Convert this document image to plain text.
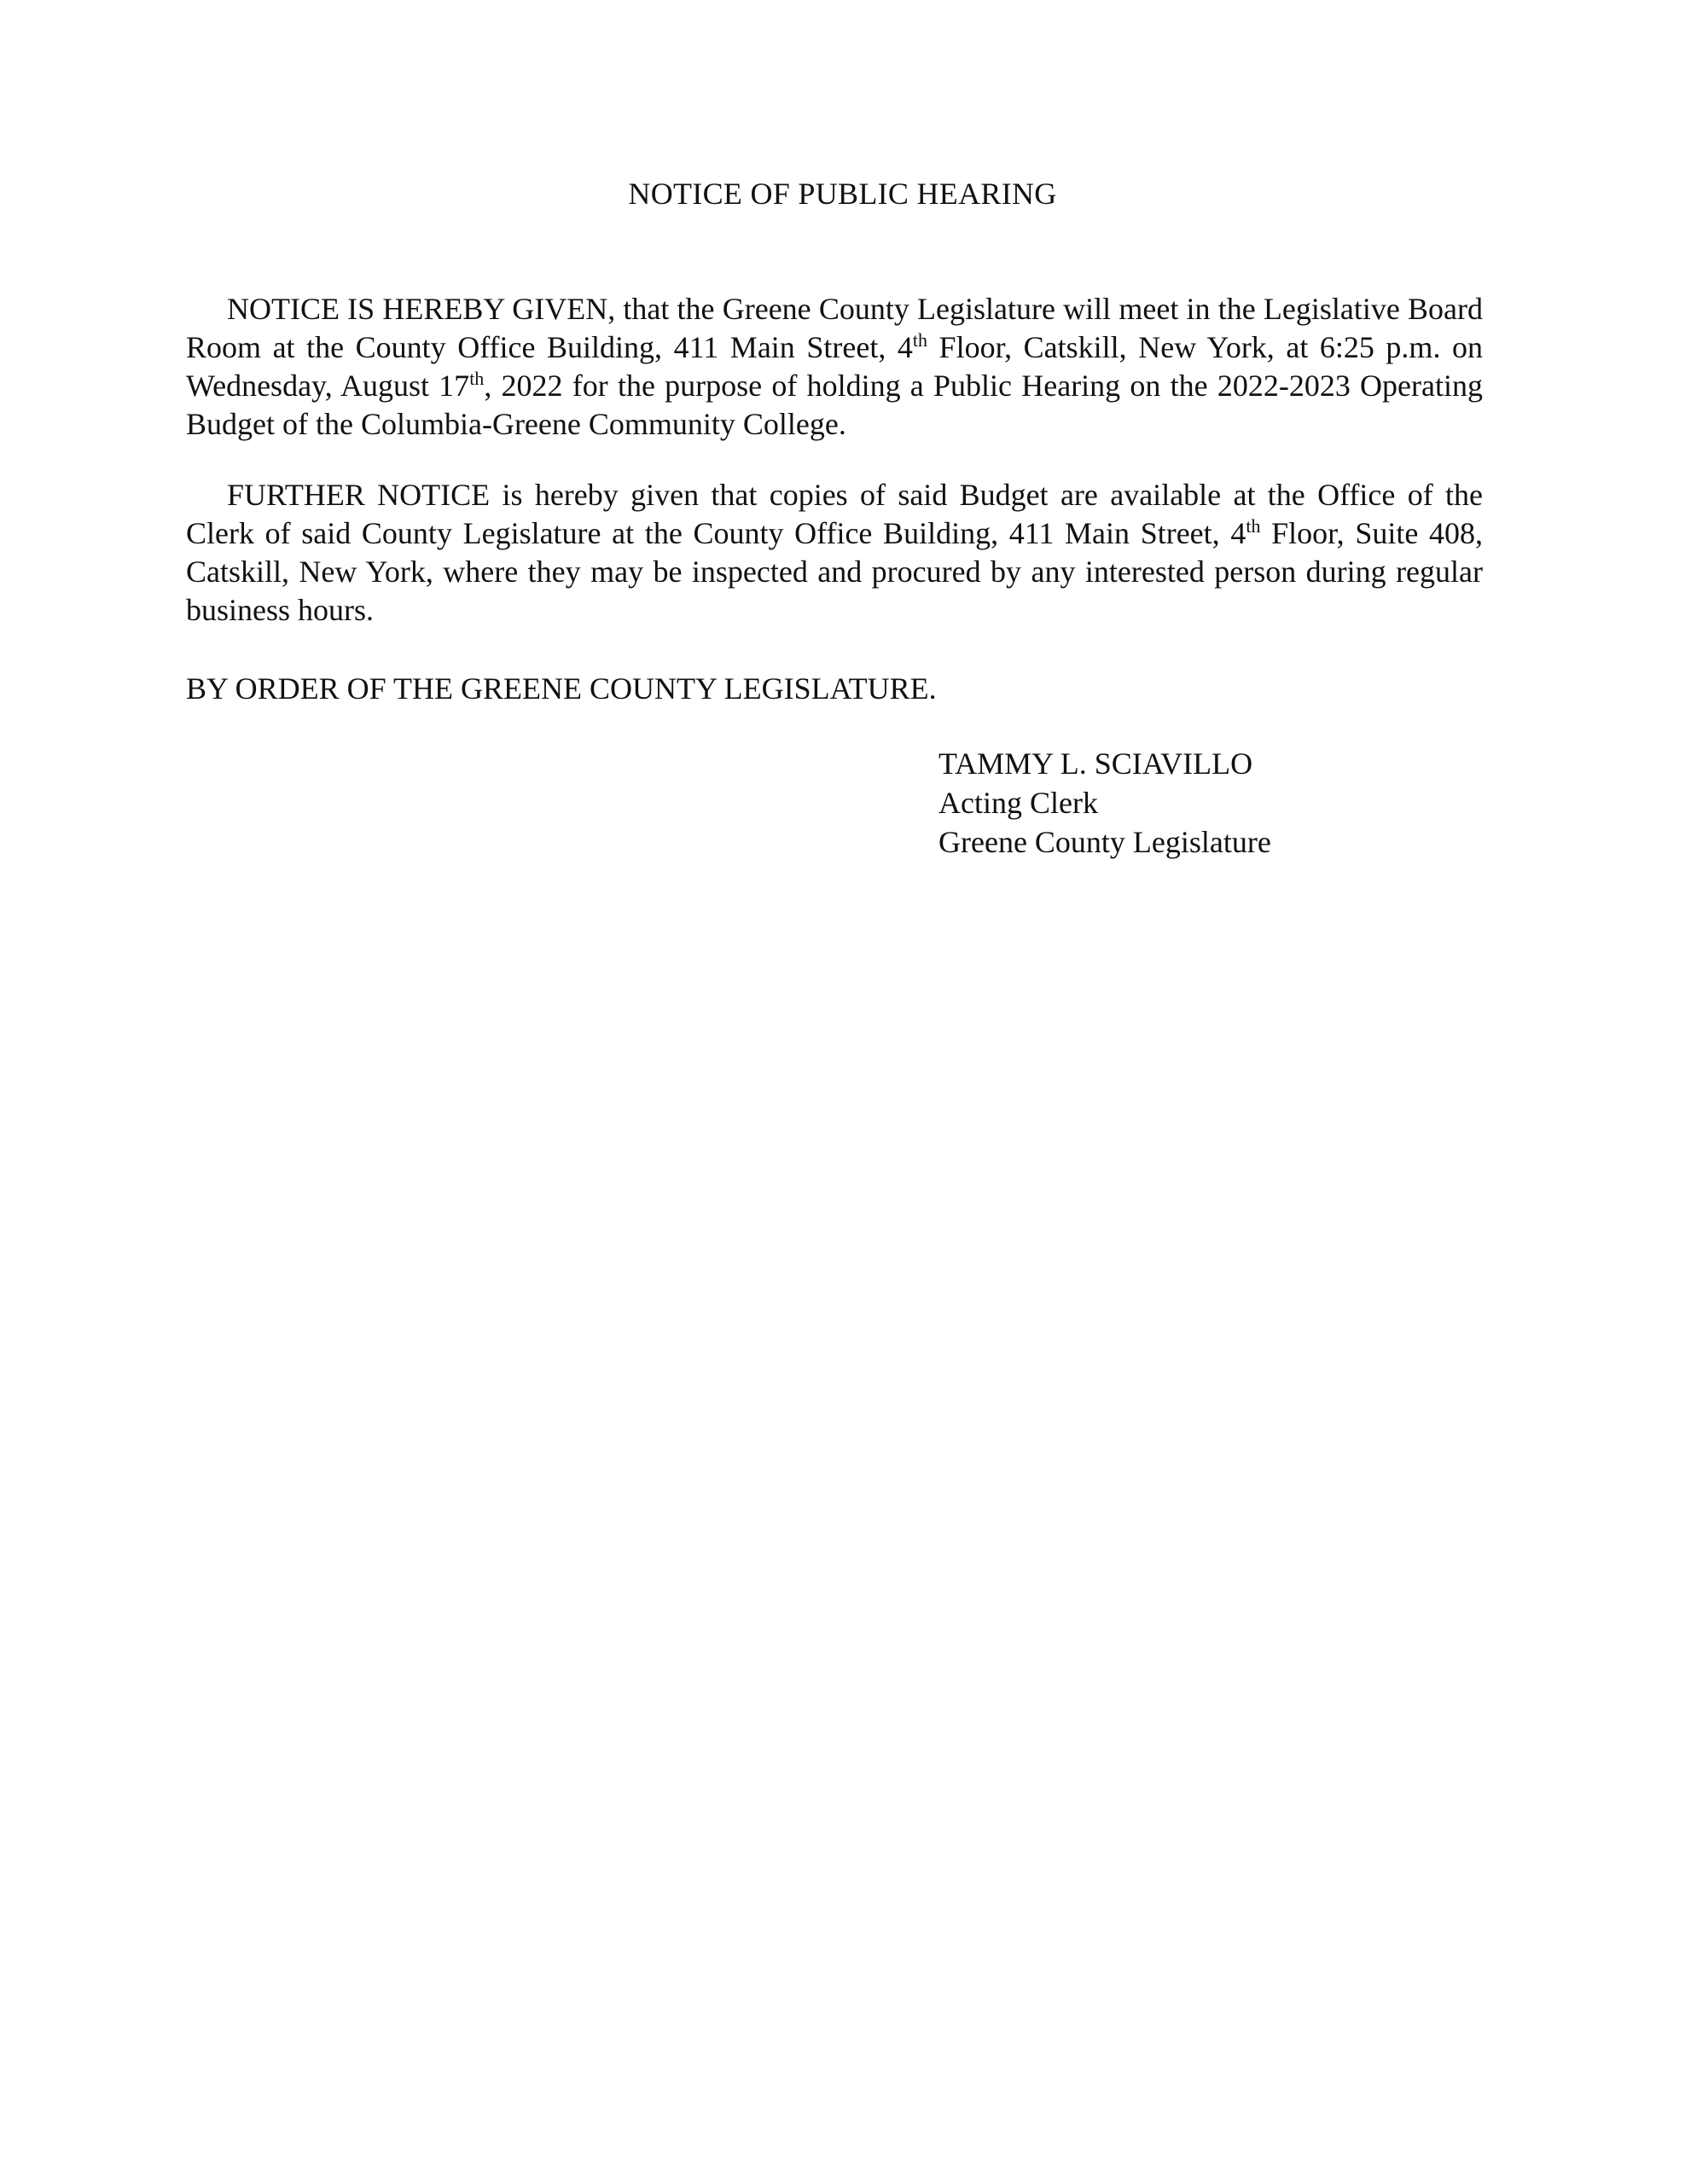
NOTICE OF PUBLIC HEARING

NOTICE IS HEREBY GIVEN, that the Greene County Legislature will meet in the Legislative Board Room at the County Office Building, 411 Main Street, 4th Floor, Catskill, New York, at 6:25 p.m. on Wednesday, August 17th, 2022 for the purpose of holding a Public Hearing on the 2022-2023 Operating Budget of the Columbia-Greene Community College.

FURTHER NOTICE is hereby given that copies of said Budget are available at the Office of the Clerk of said County Legislature at the County Office Building, 411 Main Street, 4th Floor, Suite 408, Catskill, New York, where they may be inspected and procured by any interested person during regular business hours.

BY ORDER OF THE GREENE COUNTY LEGISLATURE.
TAMMY L. SCIAVILLO
Acting Clerk
Greene County Legislature
